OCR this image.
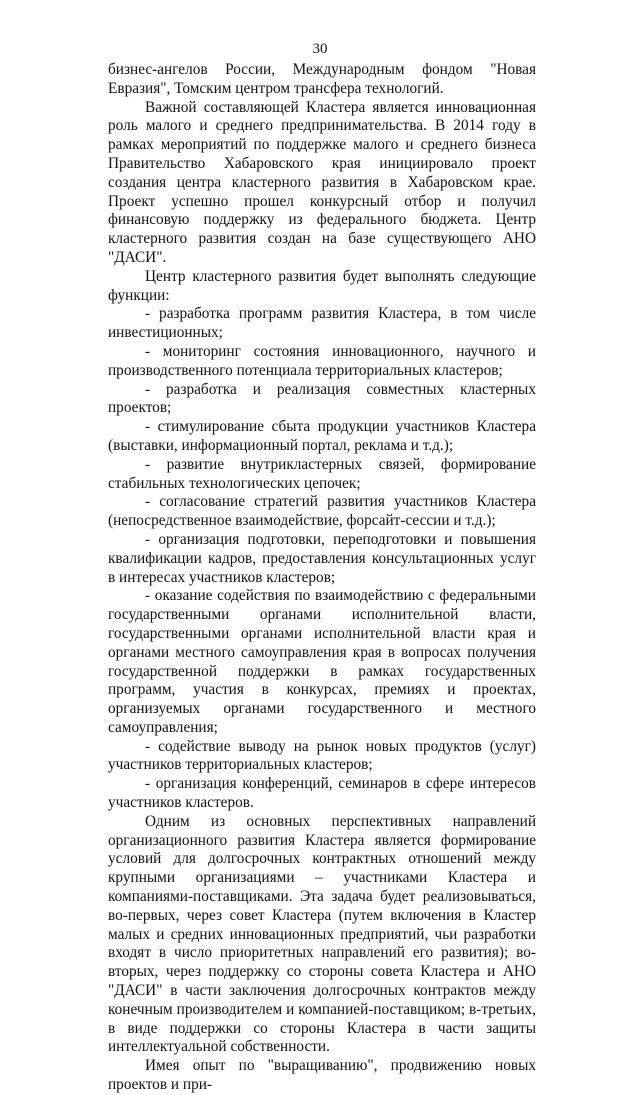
30

бизнес-ангелов России, Международным фондом "Новая Евразия", Томским центром трансфера технологий.

Важной составляющей Кластера является инновационная роль малого и среднего предпринимательства. В 2014 году в рамках мероприятий по поддержке малого и среднего бизнеса Правительство Хабаровского края инициировало проект создания центра кластерного развития в Хабаровском крае. Проект успешно прошел конкурсный отбор и получил финансовую поддержку из федерального бюджета. Центр кластерного развития создан на базе существующего АНО "ДАСИ".

Центр кластерного развития будет выполнять следующие функции:

- разработка программ развития Кластера, в том числе инвестиционных;

- мониторинг состояния инновационного, научного и производственного потенциала территориальных кластеров;

- разработка и реализация совместных кластерных проектов;

- стимулирование сбыта продукции участников Кластера (выставки, информационный портал, реклама и т.д.);

- развитие внутрикластерных связей, формирование стабильных технологических цепочек;

- согласование стратегий развития участников Кластера (непосредственное взаимодействие, форсайт-сессии и т.д.);

- организация подготовки, переподготовки и повышения квалификации кадров, предоставления консультационных услуг в интересах участников кластеров;

- оказание содействия по взаимодействию с федеральными государственными органами исполнительной власти, государственными органами исполнительной власти края и органами местного самоуправления края в вопросах получения государственной поддержки в рамках государственных программ, участия в конкурсах, премиях и проектах, организуемых органами государственного и местного самоуправления;

- содействие выводу на рынок новых продуктов (услуг) участников территориальных кластеров;

- организация конференций, семинаров в сфере интересов участников кластеров.

Одним из основных перспективных направлений организационного развития Кластера является формирование условий для долгосрочных контрактных отношений между крупными организациями – участниками Кластера и компаниями-поставщиками. Эта задача будет реализовываться, во-первых, через совет Кластера (путем включения в Кластер малых и средних инновационных предприятий, чьи разработки входят в число приоритетных направлений его развития); во-вторых, через поддержку со стороны совета Кластера и АНО "ДАСИ" в части заключения долгосрочных контрактов между конечным производителем и компанией-поставщиком; в-третьих, в виде поддержки со стороны Кластера в части защиты интеллектуальной собственности.

Имея опыт по "выращиванию", продвижению новых проектов и при-
